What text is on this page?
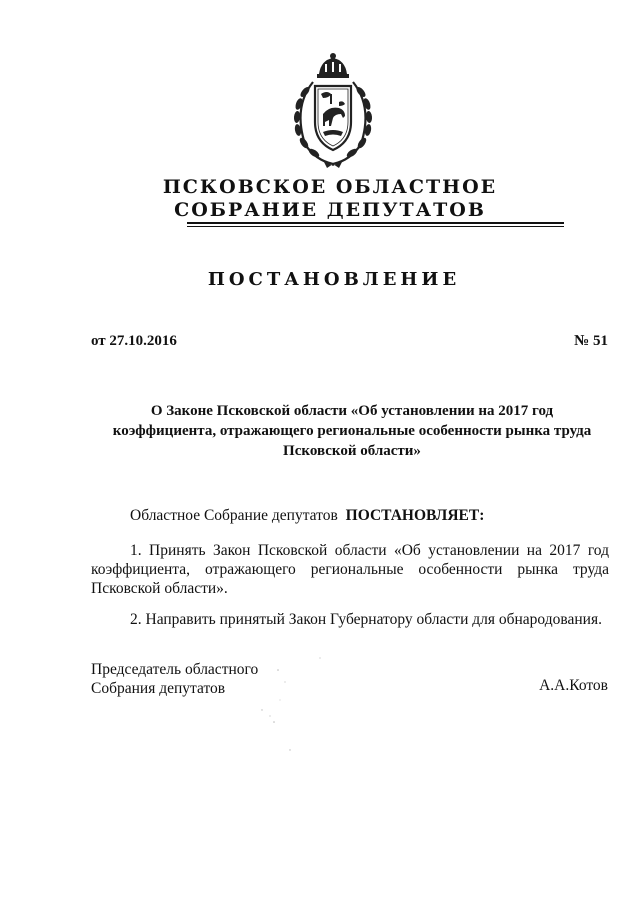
ПСКОВСКОЕ ОБЛАСТНОЕ
СОБРАНИЕ ДЕПУТАТОВ
ПОСТАНОВЛЕНИЕ
от 27.10.2016	№ 51
О Законе Псковской области «Об установлении на 2017 год
коэффициента, отражающего региональные особенности рынка труда
Псковской области»
Областное Собрание депутатов ПОСТАНОВЛЯЕТ:
1. Принять Закон Псковской области «Об установлении на 2017 год
коэффициента, отражающего региональные особенности рынка труда
Псковской области».
2. Направить принятый Закон Губернатору области для обнародования.
Председатель областного
Собрания депутатов	А.А.Котов
